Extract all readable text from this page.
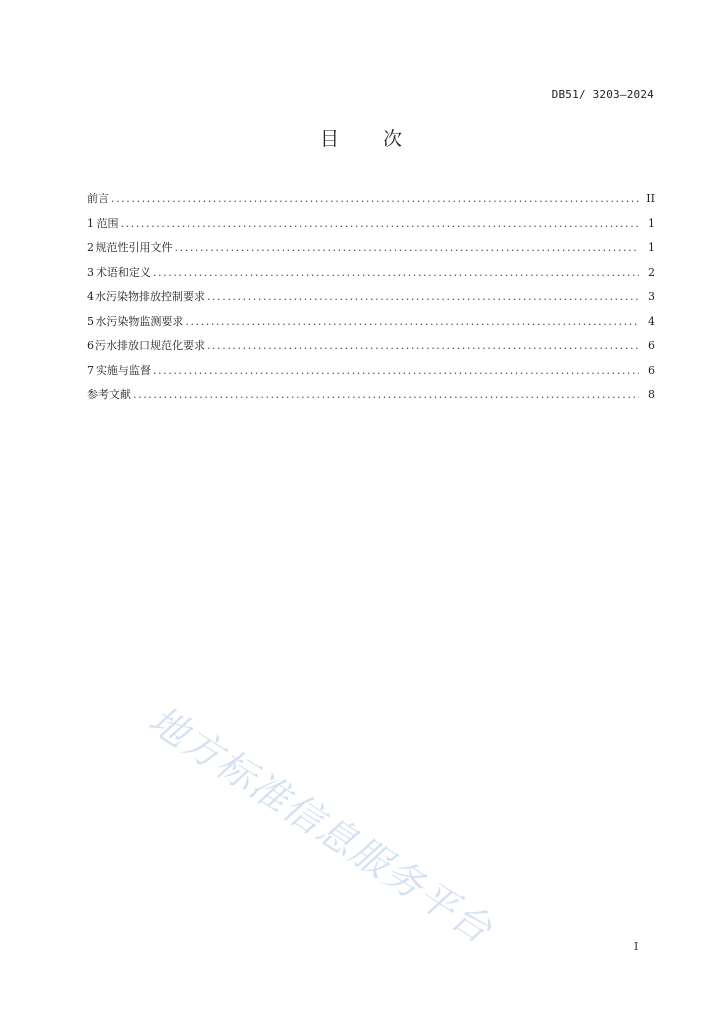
DB51/ 3203—2024
目 次
前言 .....	II
1 范围 .....	1
2 规范性引用文件 .....	1
3 术语和定义 .....	2
4 水污染物排放控制要求 .....	3
5 水污染物监测要求 .....	4
6 污水排放口规范化要求 .....	6
7 实施与监督 .....	6
参考文献 .....	8
地方标准信息服务平台	I
